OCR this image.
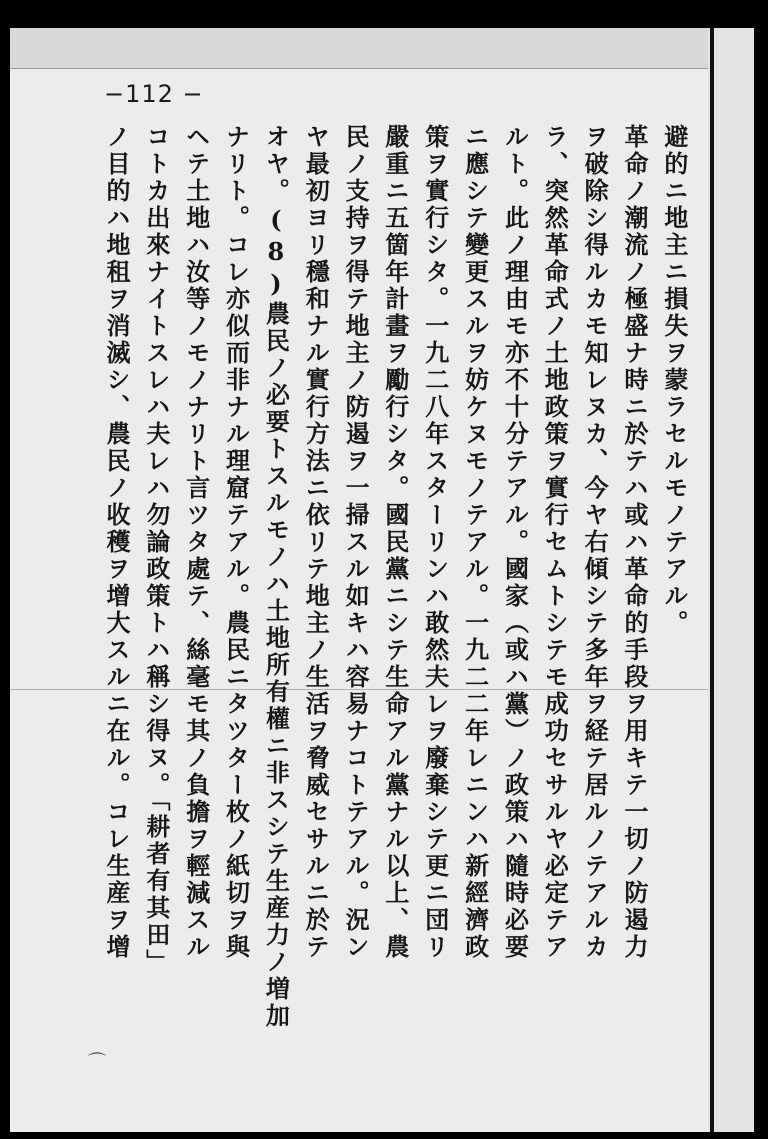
−112 −
避的ニ地主ニ損失ヲ蒙ラセルモノテアル。
革命ノ潮流ノ極盛ナ時ニ於テハ或ハ革命的手段ヲ用キテ一切ノ防遏力
ヲ破除シ得ルカモ知レヌカ、今ヤ右傾シテ多年ヲ経テ居ルノテアルカ
ラ、突然革命式ノ土地政策ヲ實行セムトシテモ成功セサルヤ必定テア
ルト。此ノ理由モ亦不十分テアル。國家（或ハ黨）ノ政策ハ隨時必要
ニ應シテ變更スルヲ妨ケヌモノテアル。一九二二年レニンハ新經濟政
策ヲ實行シタ。一九二八年スターリンハ敢然夫レヲ廢棄シテ更ニ団リ
嚴重ニ五箇年計畫ヲ勵行シタ。國民黨ニシテ生命アル黨ナル以上、農
民ノ支持ヲ得テ地主ノ防遏ヲ一掃スル如キハ容易ナコトテアル。況ン
ヤ最初ヨリ穩和ナル實行方法ニ依リテ地主ノ生活ヲ脅威セサルニ於テ
オヤ。(8)農民ノ必要トスルモノハ土地所有權ニ非スシテ生産力ノ増加
ナリト。コレ亦似而非ナル理窟テアル。農民ニタツター枚ノ紙切ヲ與
ヘテ土地ハ汝等ノモノナリト言ツタ處テ、絲毫モ其ノ負擔ヲ輕減スル
コトカ出來ナイトスレハ夫レハ勿論政策トハ稱シ得ヌ。「耕者有其田」
ノ目的ハ地租ヲ消滅シ、農民ノ收穫ヲ增大スルニ在ル。コレ生産ヲ增
⌒
